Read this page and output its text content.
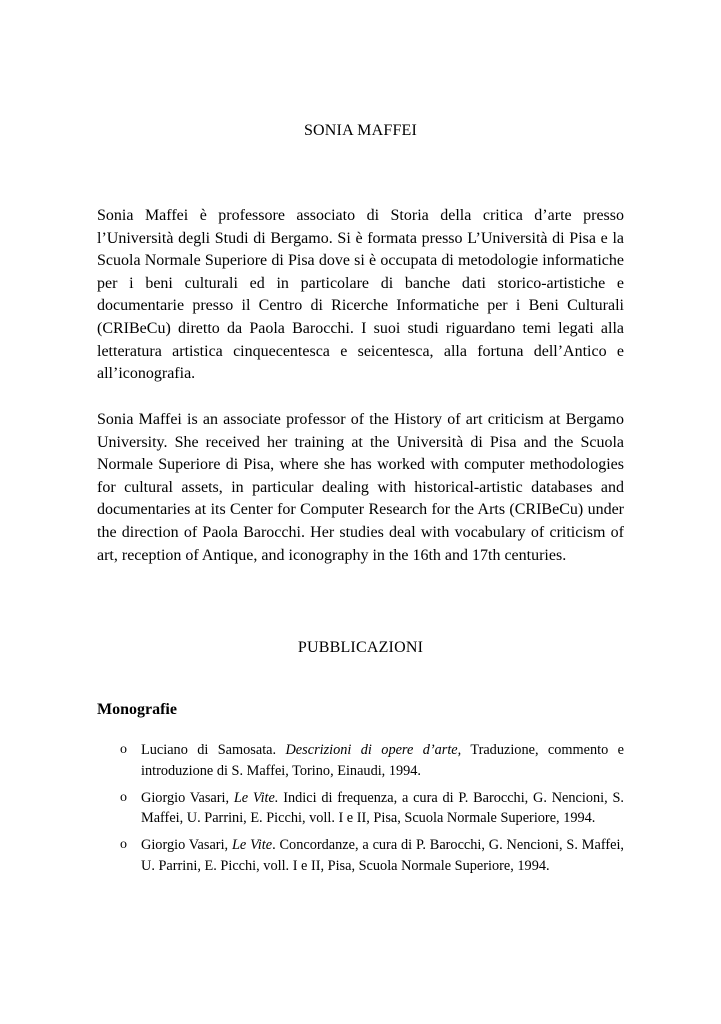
SONIA MAFFEI

Sonia Maffei è professore associato di Storia della critica d’arte presso l’Università degli Studi di Bergamo. Si è formata presso L’Università di Pisa e la Scuola Normale Superiore di Pisa dove si è occupata di metodologie informatiche per i beni culturali ed in particolare di banche dati storico-artistiche e documentarie presso il Centro di Ricerche Informatiche per i Beni Culturali (CRIBeCu) diretto da Paola Barocchi. I suoi studi riguardano temi legati alla letteratura artistica cinquecentesca e seicentesca, alla fortuna dell’Antico e all’iconografia.

Sonia Maffei is an associate professor of the History of art criticism at Bergamo University. She received her training at the Università di Pisa and the Scuola Normale Superiore di Pisa, where she has worked with computer methodologies for cultural assets, in particular dealing with historical-artistic databases and documentaries at its Center for Computer Research for the Arts (CRIBeCu) under the direction of Paola Barocchi. Her studies deal with vocabulary of criticism of art, reception of Antique, and iconography in the 16th and 17th centuries.

PUBBLICAZIONI
Monografie
o Luciano di Samosata. Descrizioni di opere d’arte, Traduzione, commento e introduzione di S. Maffei, Torino, Einaudi, 1994.
o Giorgio Vasari, Le Vite. Indici di frequenza, a cura di P. Barocchi, G. Nencioni, S. Maffei, U. Parrini, E. Picchi, voll. I e II, Pisa, Scuola Normale Superiore, 1994.
o Giorgio Vasari, Le Vite. Concordanze, a cura di P. Barocchi, G. Nencioni, S. Maffei, U. Parrini, E. Picchi, voll. I e II, Pisa, Scuola Normale Superiore, 1994.
